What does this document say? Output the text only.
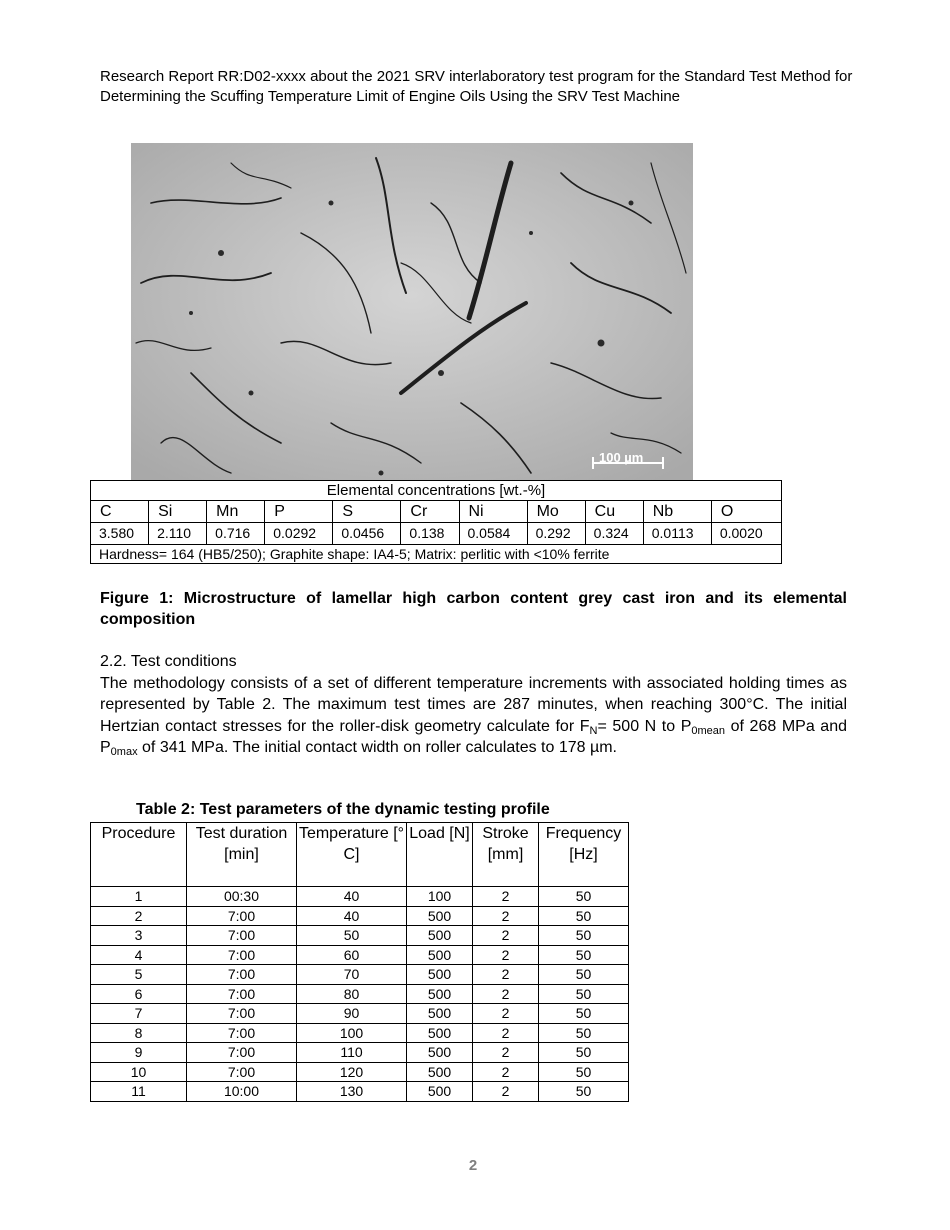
Research Report RR:D02-xxxx about the 2021 SRV interlaboratory test program for the Standard Test Method for Determining the Scuffing Temperature Limit of Engine Oils Using the SRV Test Machine
100 µm
Elemental concentrations [wt.-%]										
C	Si	Mn	P	S	Cr	Ni	Mo	Cu	Nb	O
3.580	2.110	0.716	0.0292	0.0456	0.138	0.0584	0.292	0.324	0.0113	0.0020
Hardness= 164 (HB5/250); Graphite shape: IA4-5; Matrix: perlitic with <10% ferrite										
Figure 1: Microstructure of lamellar high carbon content grey cast iron and its elemental composition
2.2. Test conditions
The methodology consists of a set of different temperature increments with associated holding times as represented by Table 2. The maximum test times are 287 minutes, when reaching 300°C. The initial Hertzian contact stresses for the roller-disk geometry calculate for $F_N= 500$ N to $P_{0mean}$ of 268 MPa and $P_{0max}$ of 341 MPa. The initial contact width on roller calculates to 178 µm.
Table 2: Test parameters of the dynamic testing profile
Procedure	Test duration [min]	Temperature [°C]	Load [N]	Stroke [mm]	Frequency [Hz]
1	00:30	40	100	2	50
2	7:00	40	500	2	50
3	7:00	50	500	2	50
4	7:00	60	500	2	50
5	7:00	70	500	2	50
6	7:00	80	500	2	50
7	7:00	90	500	2	50
8	7:00	100	500	2	50
9	7:00	110	500	2	50
10	7:00	120	500	2	50
11	10:00	130	500	2	50
2
